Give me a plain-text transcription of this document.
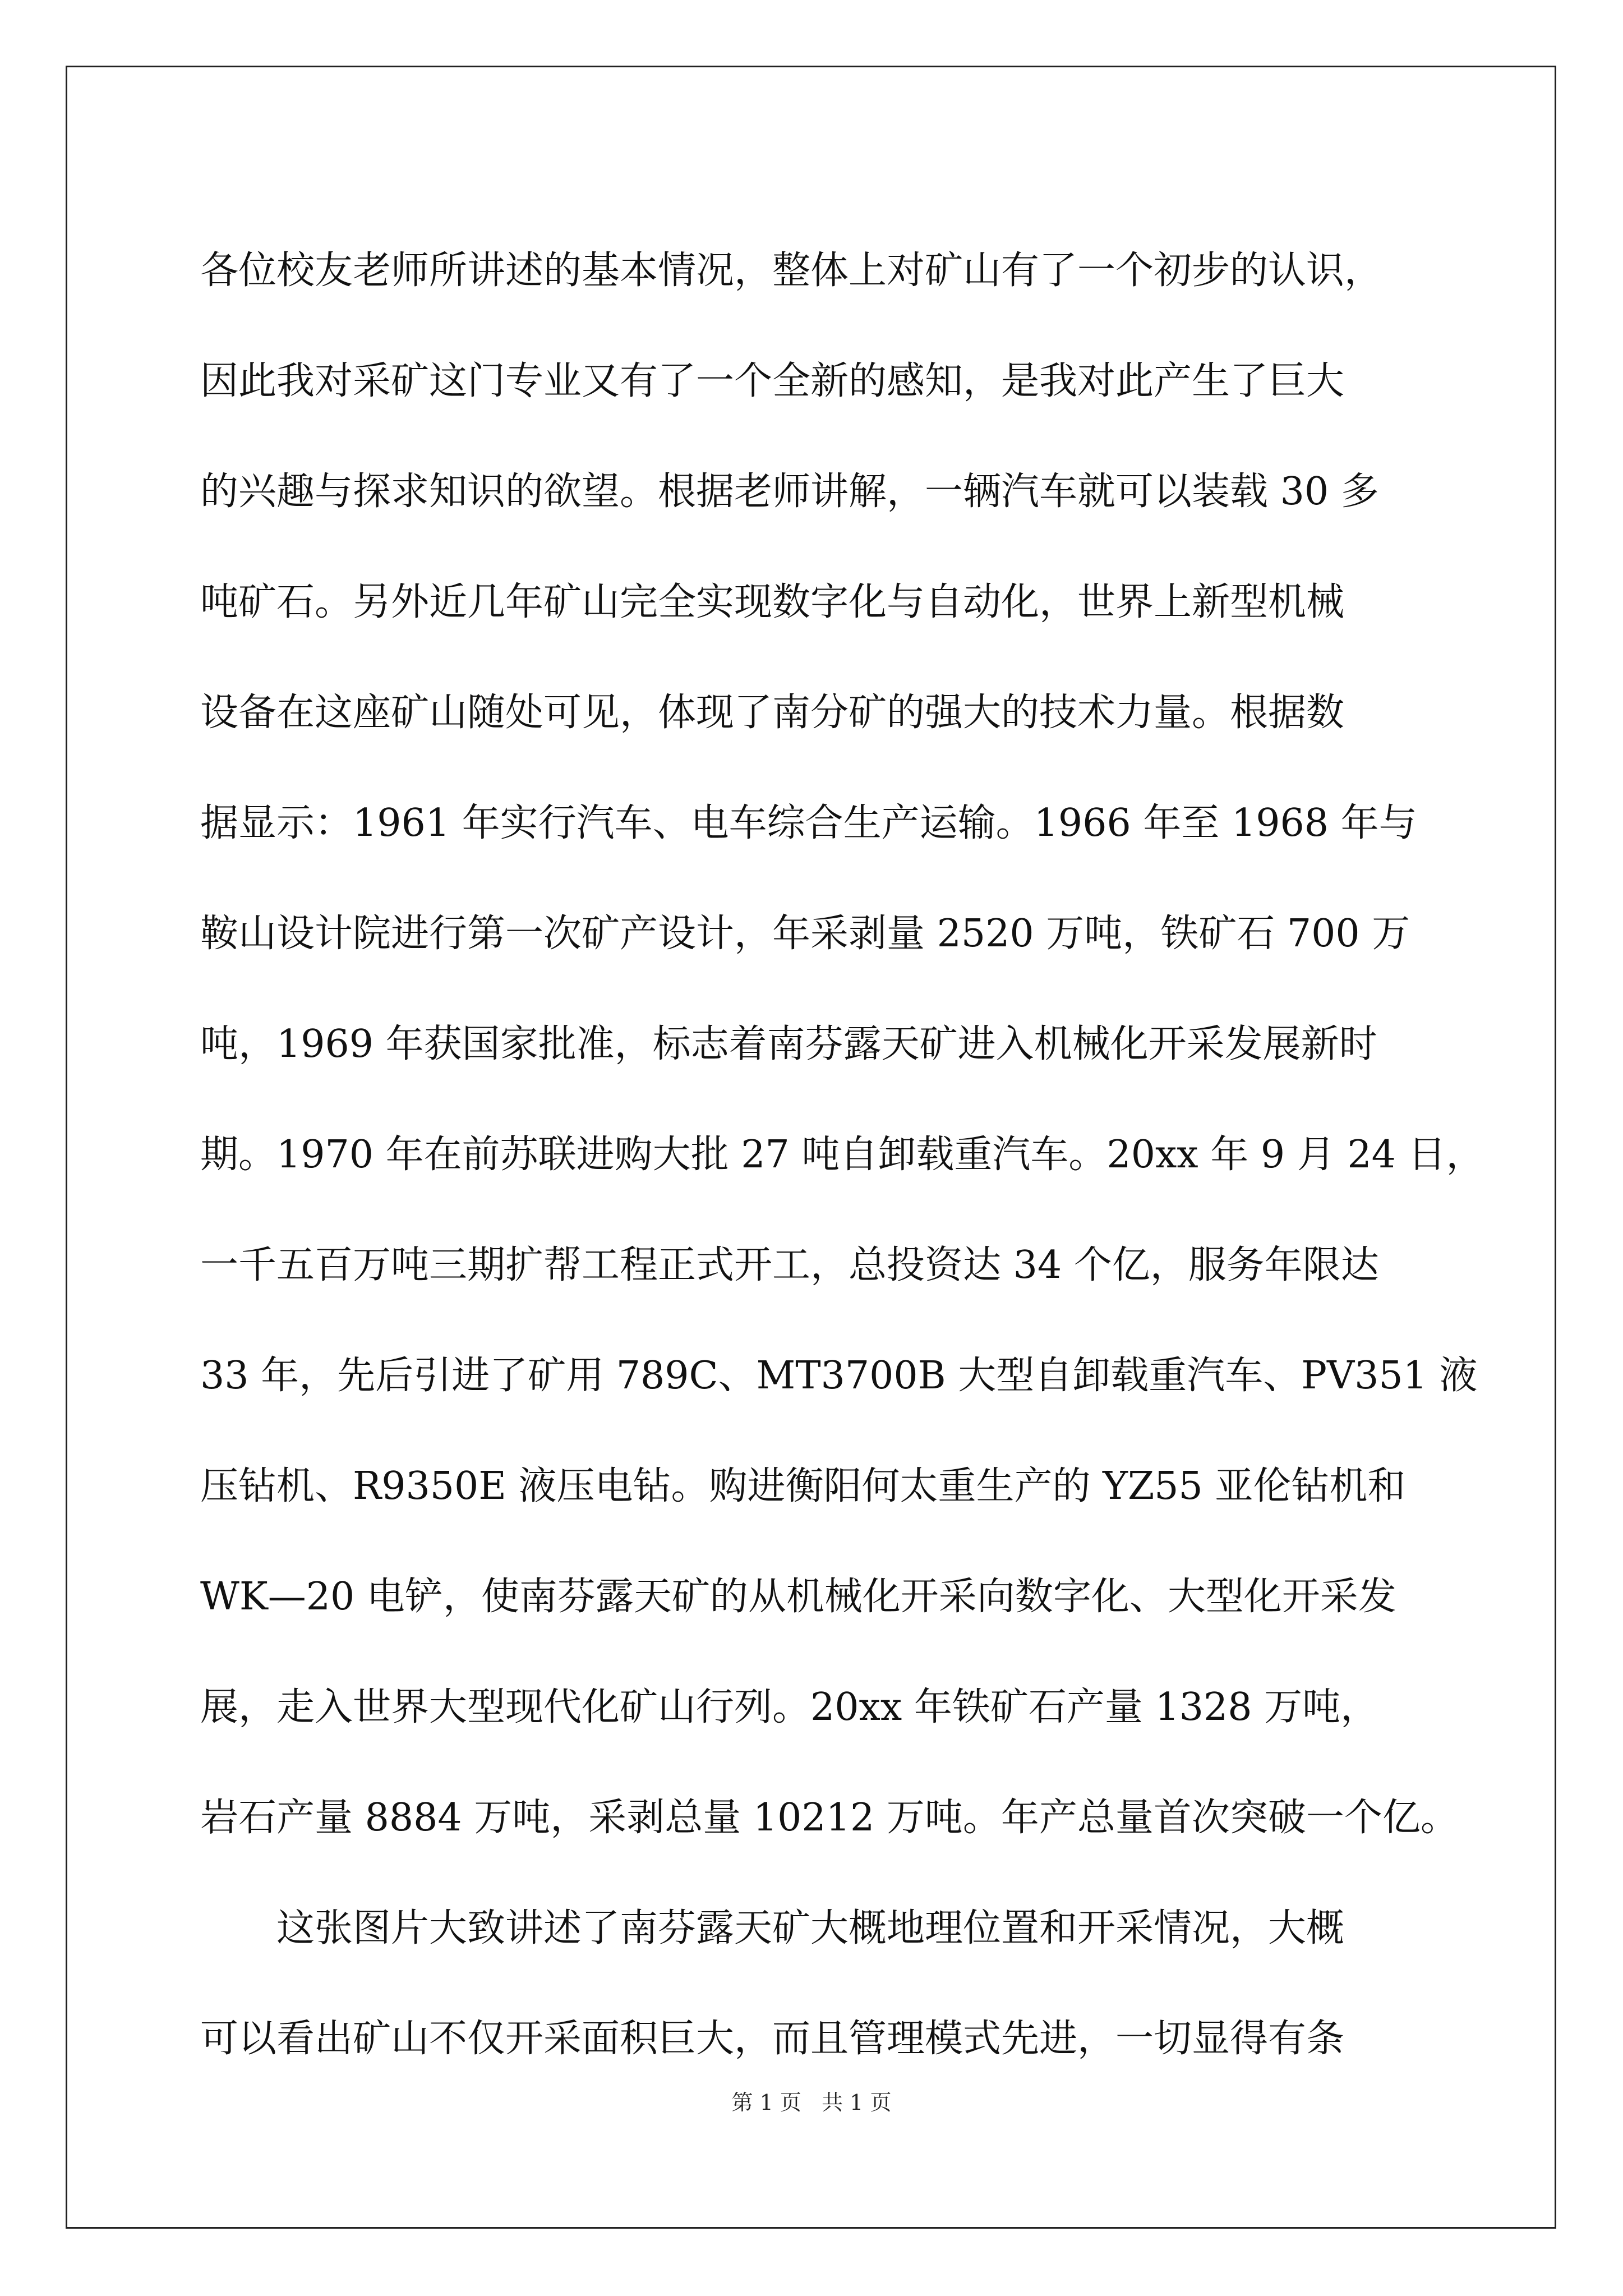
各位校友老师所讲述的基本情况，整体上对矿山有了一个初步的认识，
因此我对采矿这门专业又有了一个全新的感知，是我对此产生了巨大
的兴趣与探求知识的欲望。根据老师讲解，一辆汽车就可以装载 30 多
吨矿石。另外近几年矿山完全实现数字化与自动化，世界上新型机械
设备在这座矿山随处可见，体现了南分矿的强大的技术力量。根据数
据显示：1961 年实行汽车、电车综合生产运输。1966 年至 1968 年与
鞍山设计院进行第一次矿产设计，年采剥量 2520 万吨，铁矿石 700 万
吨，1969 年获国家批准，标志着南芬露天矿进入机械化开采发展新时
期。1970 年在前苏联进购大批 27 吨自卸载重汽车。20xx 年 9 月 24 日，
一千五百万吨三期扩帮工程正式开工，总投资达 34 个亿，服务年限达
33 年，先后引进了矿用 789C、MT3700B 大型自卸载重汽车、PV351 液
压钻机、R9350E 液压电钻。购进衡阳何太重生产的 YZ55 亚伦钻机和
WK—20 电铲，使南芬露天矿的从机械化开采向数字化、大型化开采发
展，走入世界大型现代化矿山行列。20xx 年铁矿石产量 1328 万吨，
岩石产量 8884 万吨，采剥总量 10212 万吨。年产总量首次突破一个亿。
这张图片大致讲述了南芬露天矿大概地理位置和开采情况，大概
可以看出矿山不仅开采面积巨大，而且管理模式先进，一切显得有条
第 1 页   共 1 页
